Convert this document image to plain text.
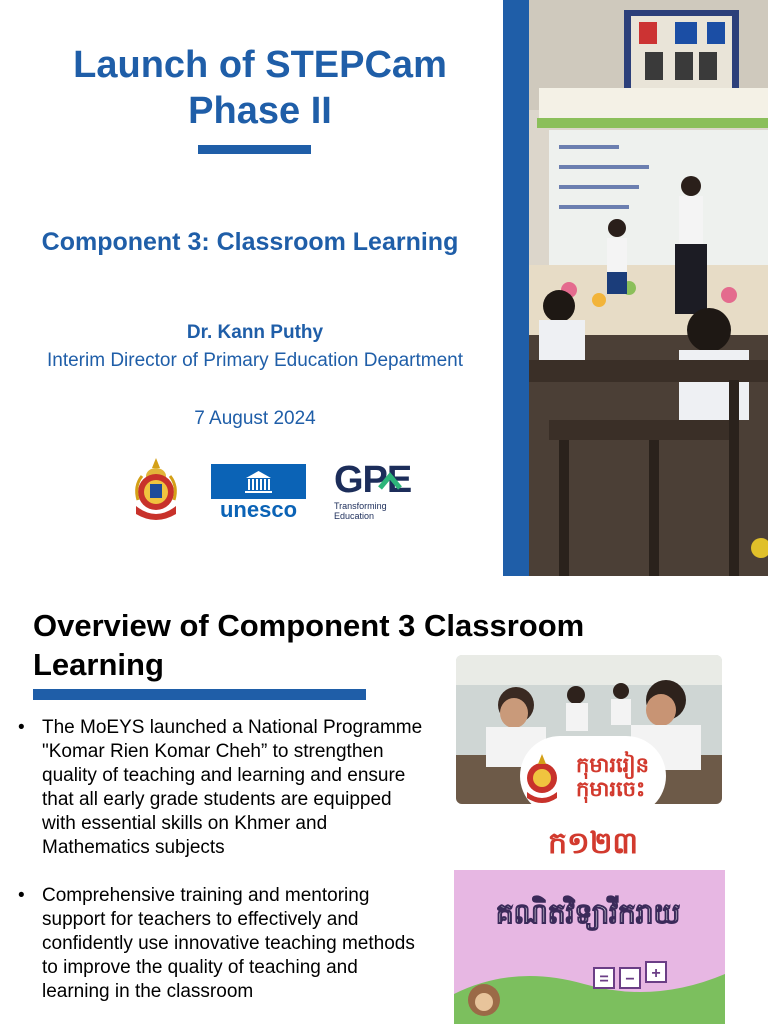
Launch of STEPCam
Phase II
Component 3: Classroom Learning
Dr. Kann Puthy
Interim Director of Primary Education Department
7 August 2024
unesco
GPE
Transforming
Education
Overview of Component 3 Classroom
Learning
• The MoEYS launched a National Programme "Komar Rien Komar Cheh” to strengthen quality of teaching and learning and ensure that all early grade students are equipped with essential skills on Khmer and Mathematics subjects
• Comprehensive training and mentoring support for teachers to effectively and confidently use innovative teaching methods to improve the quality of teaching and learning in the classroom
កុមាររៀន
កុមារចេះ
ក១២៣
គណិតវិទ្យាវីករាយ
= − +
